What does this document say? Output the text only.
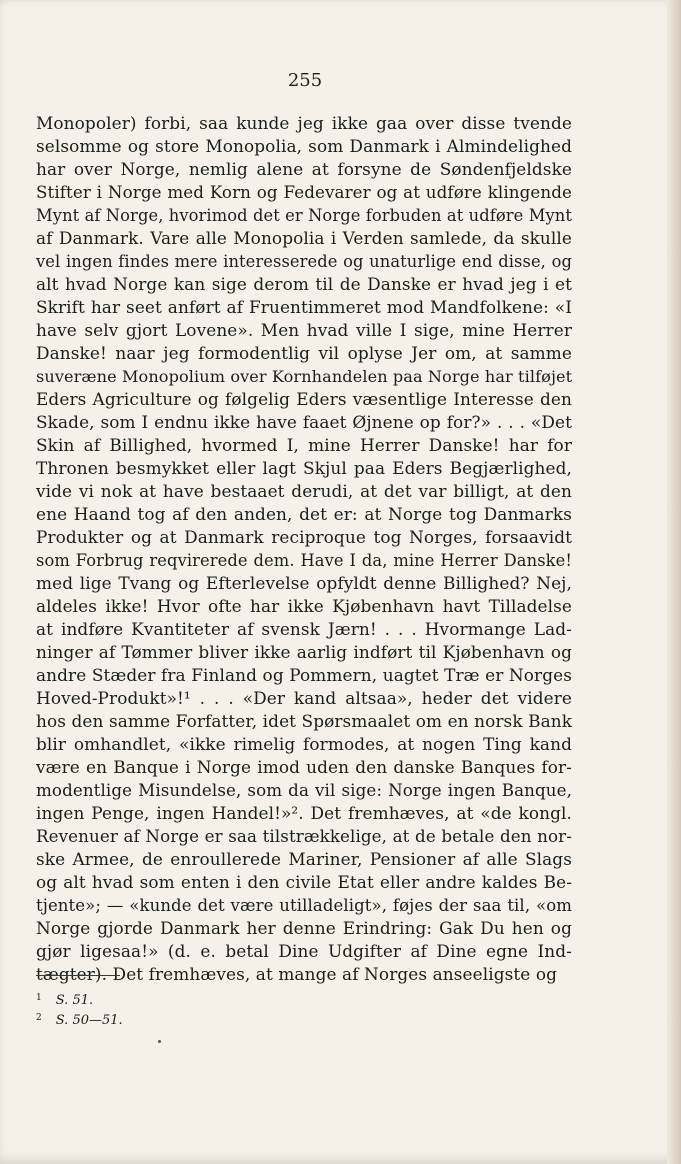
255
Monopoler) forbi, saa kunde jeg ikke gaa over disse tvende
selsomme og store Monopolia, som Danmark i Almindelighed
har over Norge, nemlig alene at forsyne de Søndenfjeldske
Stifter i Norge med Korn og Fedevarer og at udføre klingende
Mynt af Norge, hvorimod det er Norge forbuden at udføre Mynt
af Danmark. Vare alle Monopolia i Verden samlede, da skulle
vel ingen findes mere interesserede og unaturlige end disse, og
alt hvad Norge kan sige derom til de Danske er hvad jeg i et
Skrift har seet anført af Fruentimmeret mod Mandfolkene: «I
have selv gjort Lovene». Men hvad ville I sige, mine Herrer
Danske! naar jeg formodentlig vil oplyse Jer om, at samme
suveræne Monopolium over Kornhandelen paa Norge har tilføjet
Eders Agriculture og følgelig Eders væsentlige Interesse den
Skade, som I endnu ikke have faaet Øjnene op for?» . . . «Det
Skin af Billighed, hvormed I, mine Herrer Danske! har for
Thronen besmykket eller lagt Skjul paa Eders Begjærlighed,
vide vi nok at have bestaaet derudi, at det var billigt, at den
ene Haand tog af den anden, det er: at Norge tog Danmarks
Produkter og at Danmark reciproque tog Norges, forsaavidt
som Forbrug reqvirerede dem. Have I da, mine Herrer Danske!
med lige Tvang og Efterlevelse opfyldt denne Billighed? Nej,
aldeles ikke! Hvor ofte har ikke Kjøbenhavn havt Tilladelse
at indføre Kvantiteter af svensk Jærn! . . . Hvormange Lad-
ninger af Tømmer bliver ikke aarlig indført til Kjøbenhavn og
andre Stæder fra Finland og Pommern, uagtet Træ er Norges
Hoved-Produkt»!¹ . . . «Der kand altsaa», heder det videre
hos den samme Forfatter, idet Spørsmaalet om en norsk Bank
blir omhandlet, «ikke rimelig formodes, at nogen Ting kand
være en Banque i Norge imod uden den danske Banques for-
modentlige Misundelse, som da vil sige: Norge ingen Banque,
ingen Penge, ingen Handel!»². Det fremhæves, at «de kongl.
Revenuer af Norge er saa tilstrækkelige, at de betale den nor-
ske Armee, de enroullerede Mariner, Pensioner af alle Slags
og alt hvad som enten i den civile Etat eller andre kaldes Be-
tjente»; — «kunde det være utilladeligt», føjes der saa til, «om
Norge gjorde Danmark her denne Erindring: Gak Du hen og
gjør ligesaa!» (d. e. betal Dine Udgifter af Dine egne Ind-
tægter). Det fremhæves, at mange af Norges anseeligste og
$^1$ S. 51.
$^2$ S. 50—51.
